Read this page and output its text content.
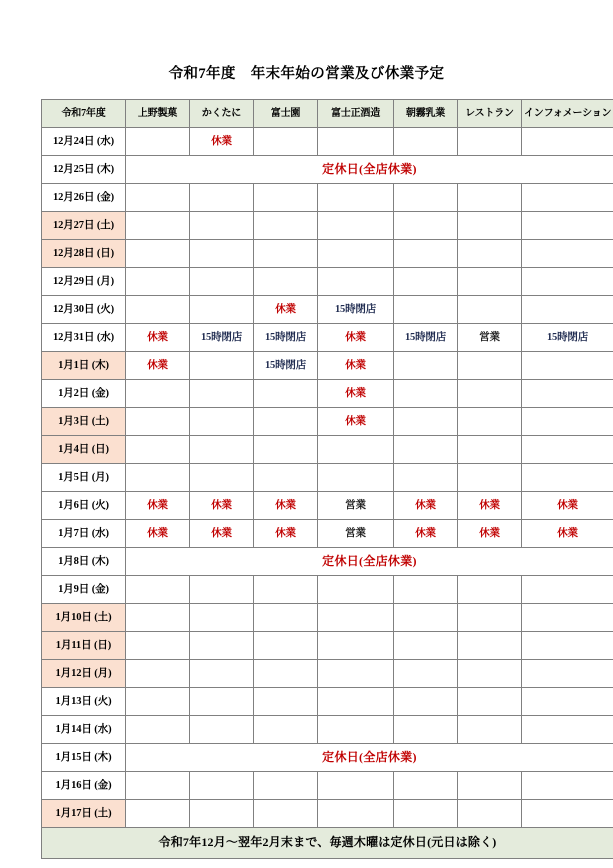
令和7年度　年末年始の営業及び休業予定
令和7年度	上野製菓	かくたに	富士園	富士正酒造	朝霧乳業	レストラン	インフォメーション
12月24日 (水)		休業					
12月25日 (木)	定休日(全店休業)						
12月26日 (金)							
12月27日 (土)							
12月28日 (日)							
12月29日 (月)							
12月30日 (火)			休業	15時閉店			
12月31日 (水)	休業	15時閉店	15時閉店	休業	15時閉店	営業	15時閉店
1月1日 (木)	休業		15時閉店	休業			
1月2日 (金)				休業			
1月3日 (土)				休業			
1月4日 (日)							
1月5日 (月)							
1月6日 (火)	休業	休業	休業	営業	休業	休業	休業
1月7日 (水)	休業	休業	休業	営業	休業	休業	休業
1月8日 (木)	定休日(全店休業)						
1月9日 (金)							
1月10日 (土)							
1月11日 (日)							
1月12日 (月)							
1月13日 (火)							
1月14日 (水)							
1月15日 (木)	定休日(全店休業)						
1月16日 (金)							
1月17日 (土)							
令和7年12月～翌年2月末まで、毎週木曜は定休日(元日は除く)							
